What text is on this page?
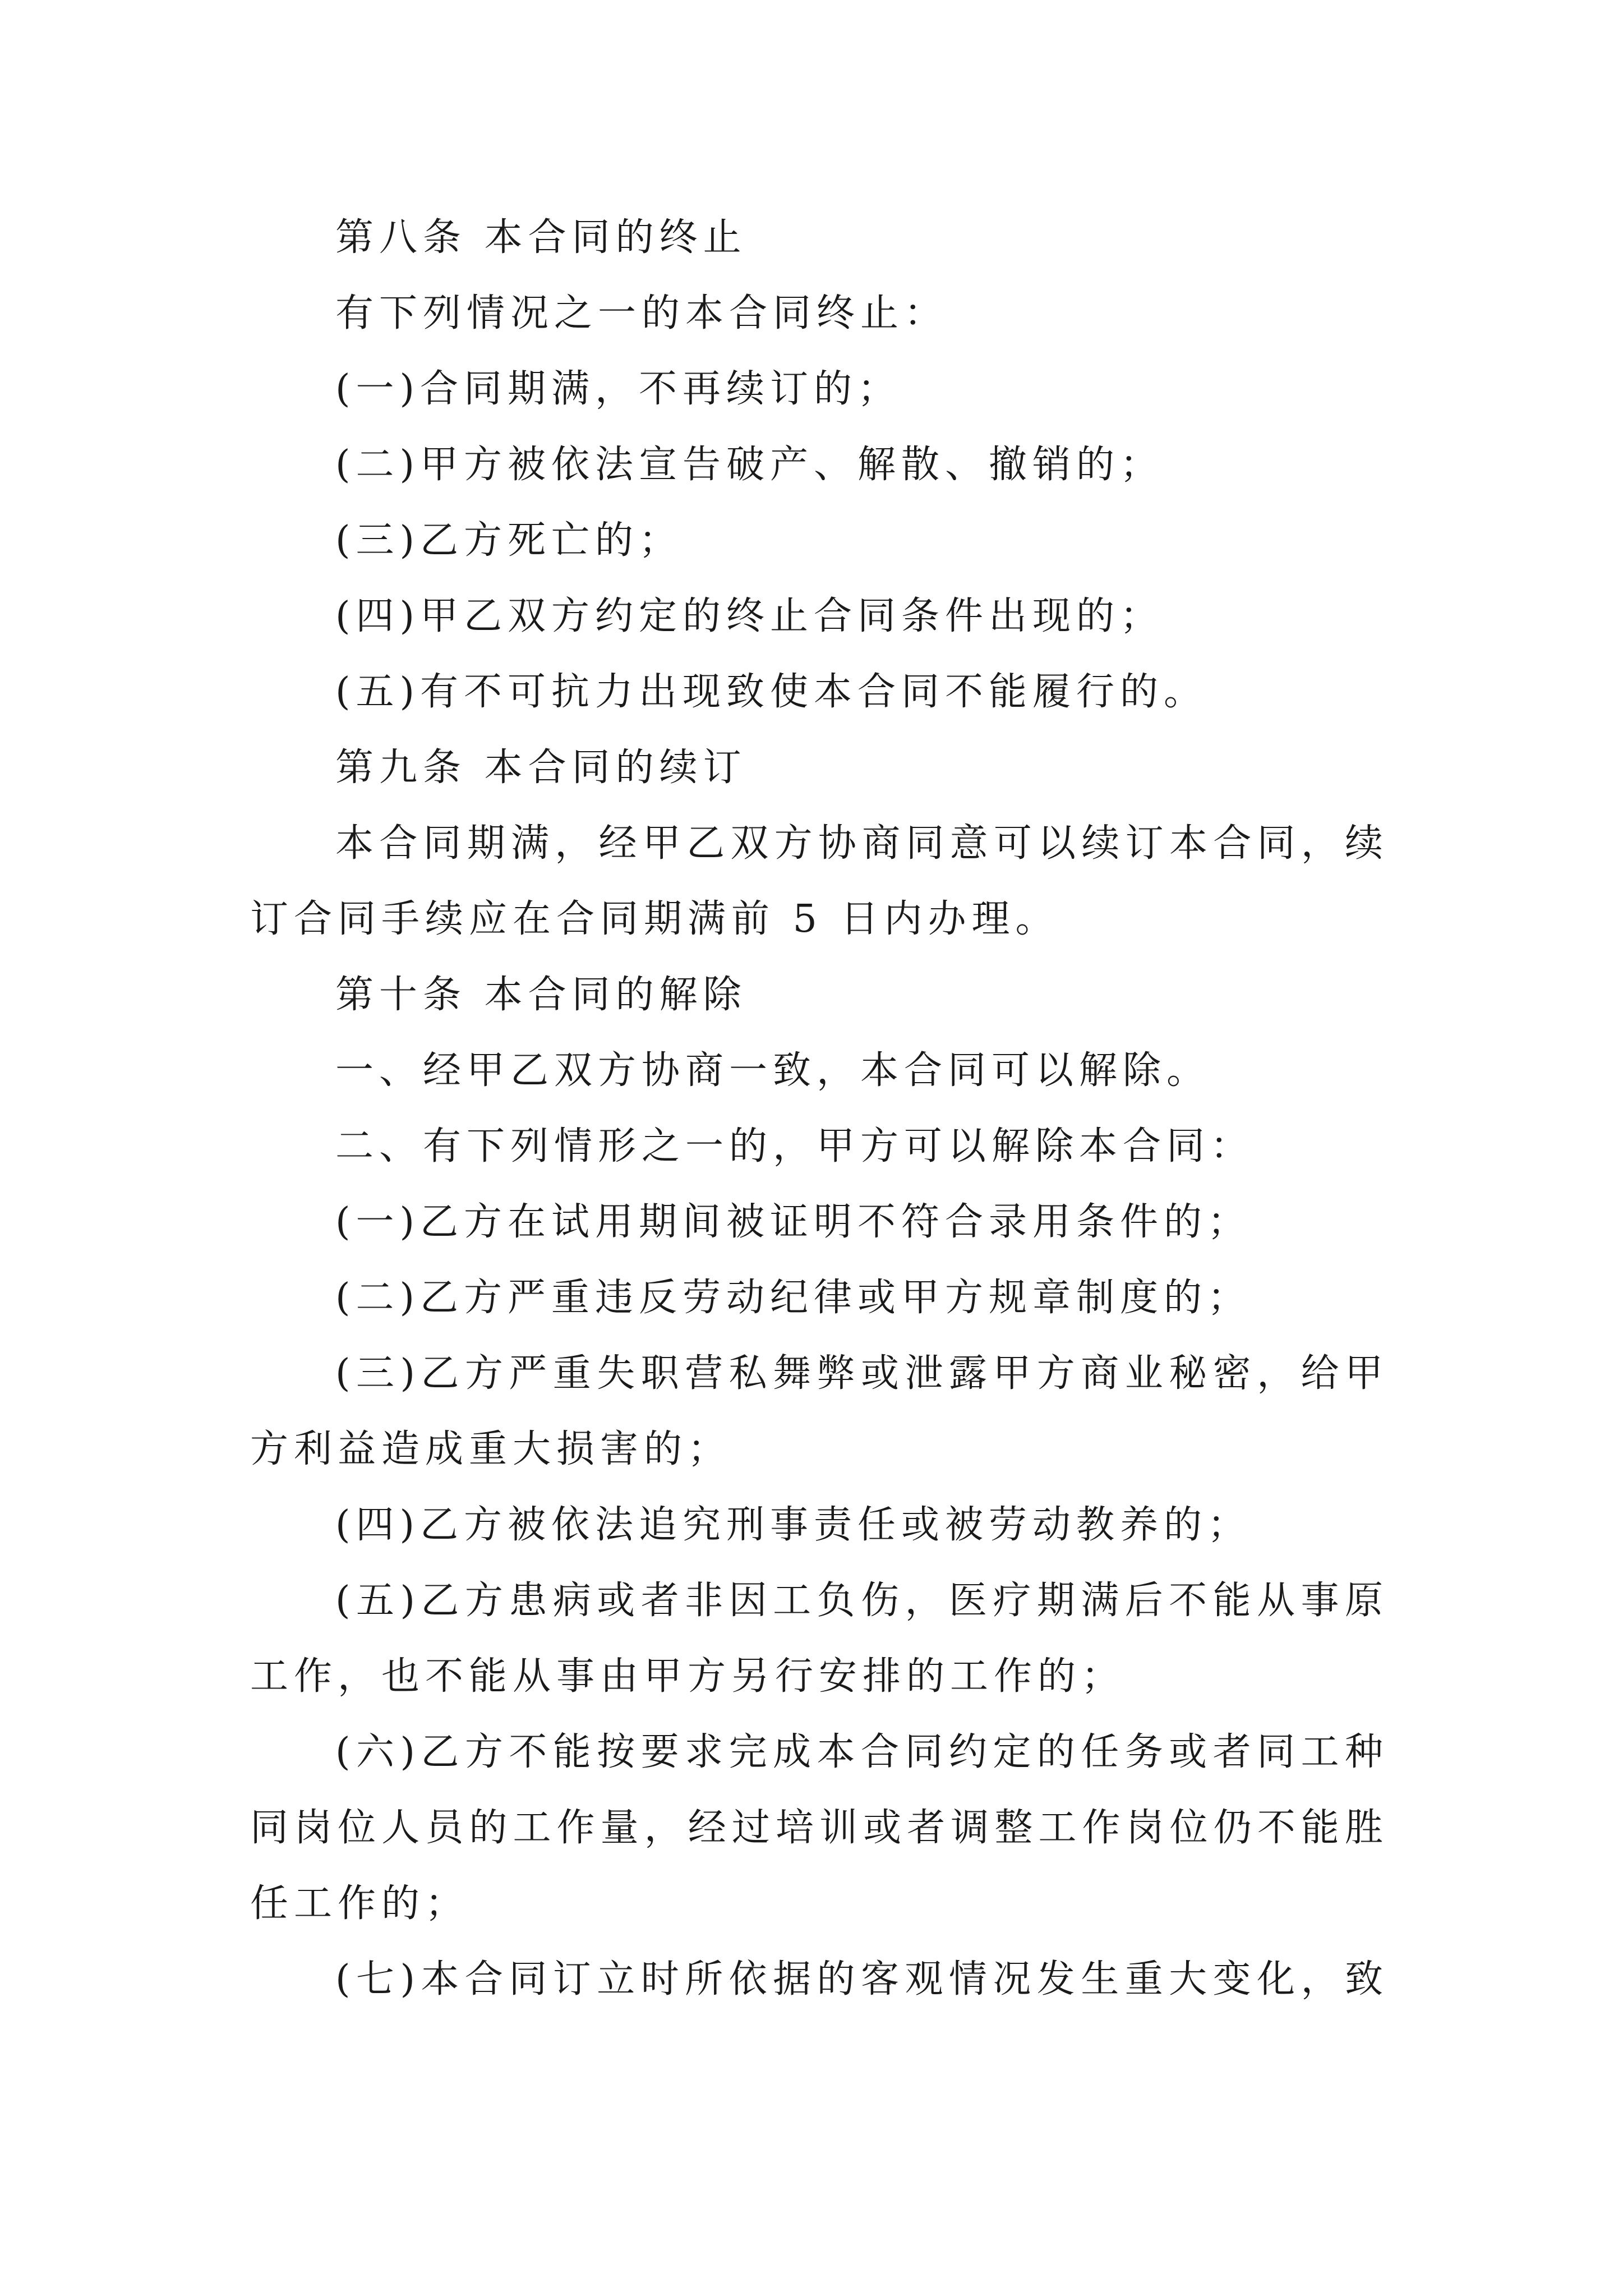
第八条 本合同的终止
有下列情况之一的本合同终止：
(一)合同期满，不再续订的；
(二)甲方被依法宣告破产、解散、撤销的；
(三)乙方死亡的；
(四)甲乙双方约定的终止合同条件出现的；
(五)有不可抗力出现致使本合同不能履行的。
第九条 本合同的续订
本合同期满，经甲乙双方协商同意可以续订本合同，续
订合同手续应在合同期满前 5 日内办理。
第十条 本合同的解除
一、经甲乙双方协商一致，本合同可以解除。
二、有下列情形之一的，甲方可以解除本合同：
(一)乙方在试用期间被证明不符合录用条件的；
(二)乙方严重违反劳动纪律或甲方规章制度的；
(三)乙方严重失职营私舞弊或泄露甲方商业秘密，给甲
方利益造成重大损害的；
(四)乙方被依法追究刑事责任或被劳动教养的；
(五)乙方患病或者非因工负伤，医疗期满后不能从事原
工作，也不能从事由甲方另行安排的工作的；
(六)乙方不能按要求完成本合同约定的任务或者同工种
同岗位人员的工作量，经过培训或者调整工作岗位仍不能胜
任工作的；
(七)本合同订立时所依据的客观情况发生重大变化，致
